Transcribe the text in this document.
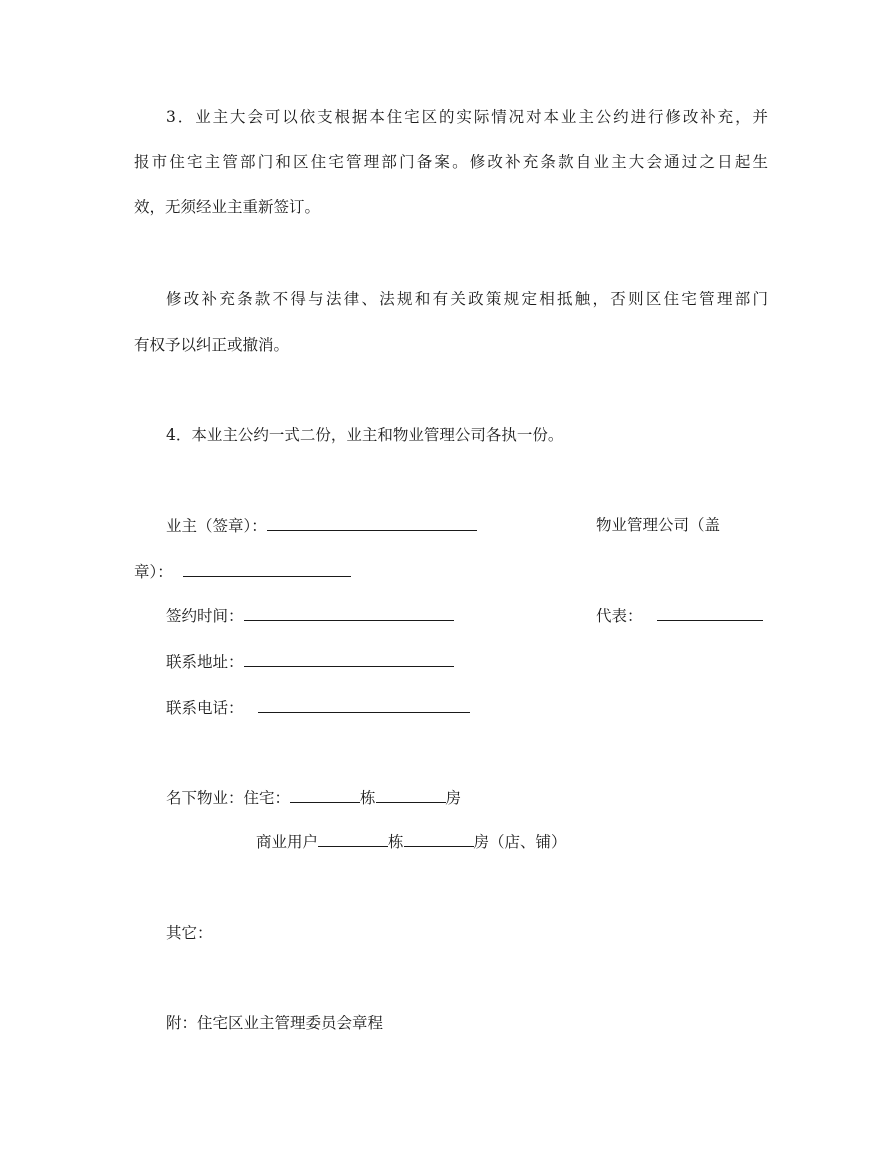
3．业主大会可以依支根据本住宅区的实际情况对本业主公约进行修改补充，并
报市住宅主管部门和区住宅管理部门备案。修改补充条款自业主大会通过之日起生
效，无须经业主重新签订。
修改补充条款不得与法律、法规和有关政策规定相抵触，否则区住宅管理部门
有权予以纠正或撤消。
4．本业主公约一式二份，业主和物业管理公司各执一份。
业主（签章）：	物业管理公司（盖
章）：
签约时间：	代表：
联系地址：
联系电话：
名下物业：住宅：	栋	房
商业用户	栋	房（店、铺）
其它：
附：住宅区业主管理委员会章程
